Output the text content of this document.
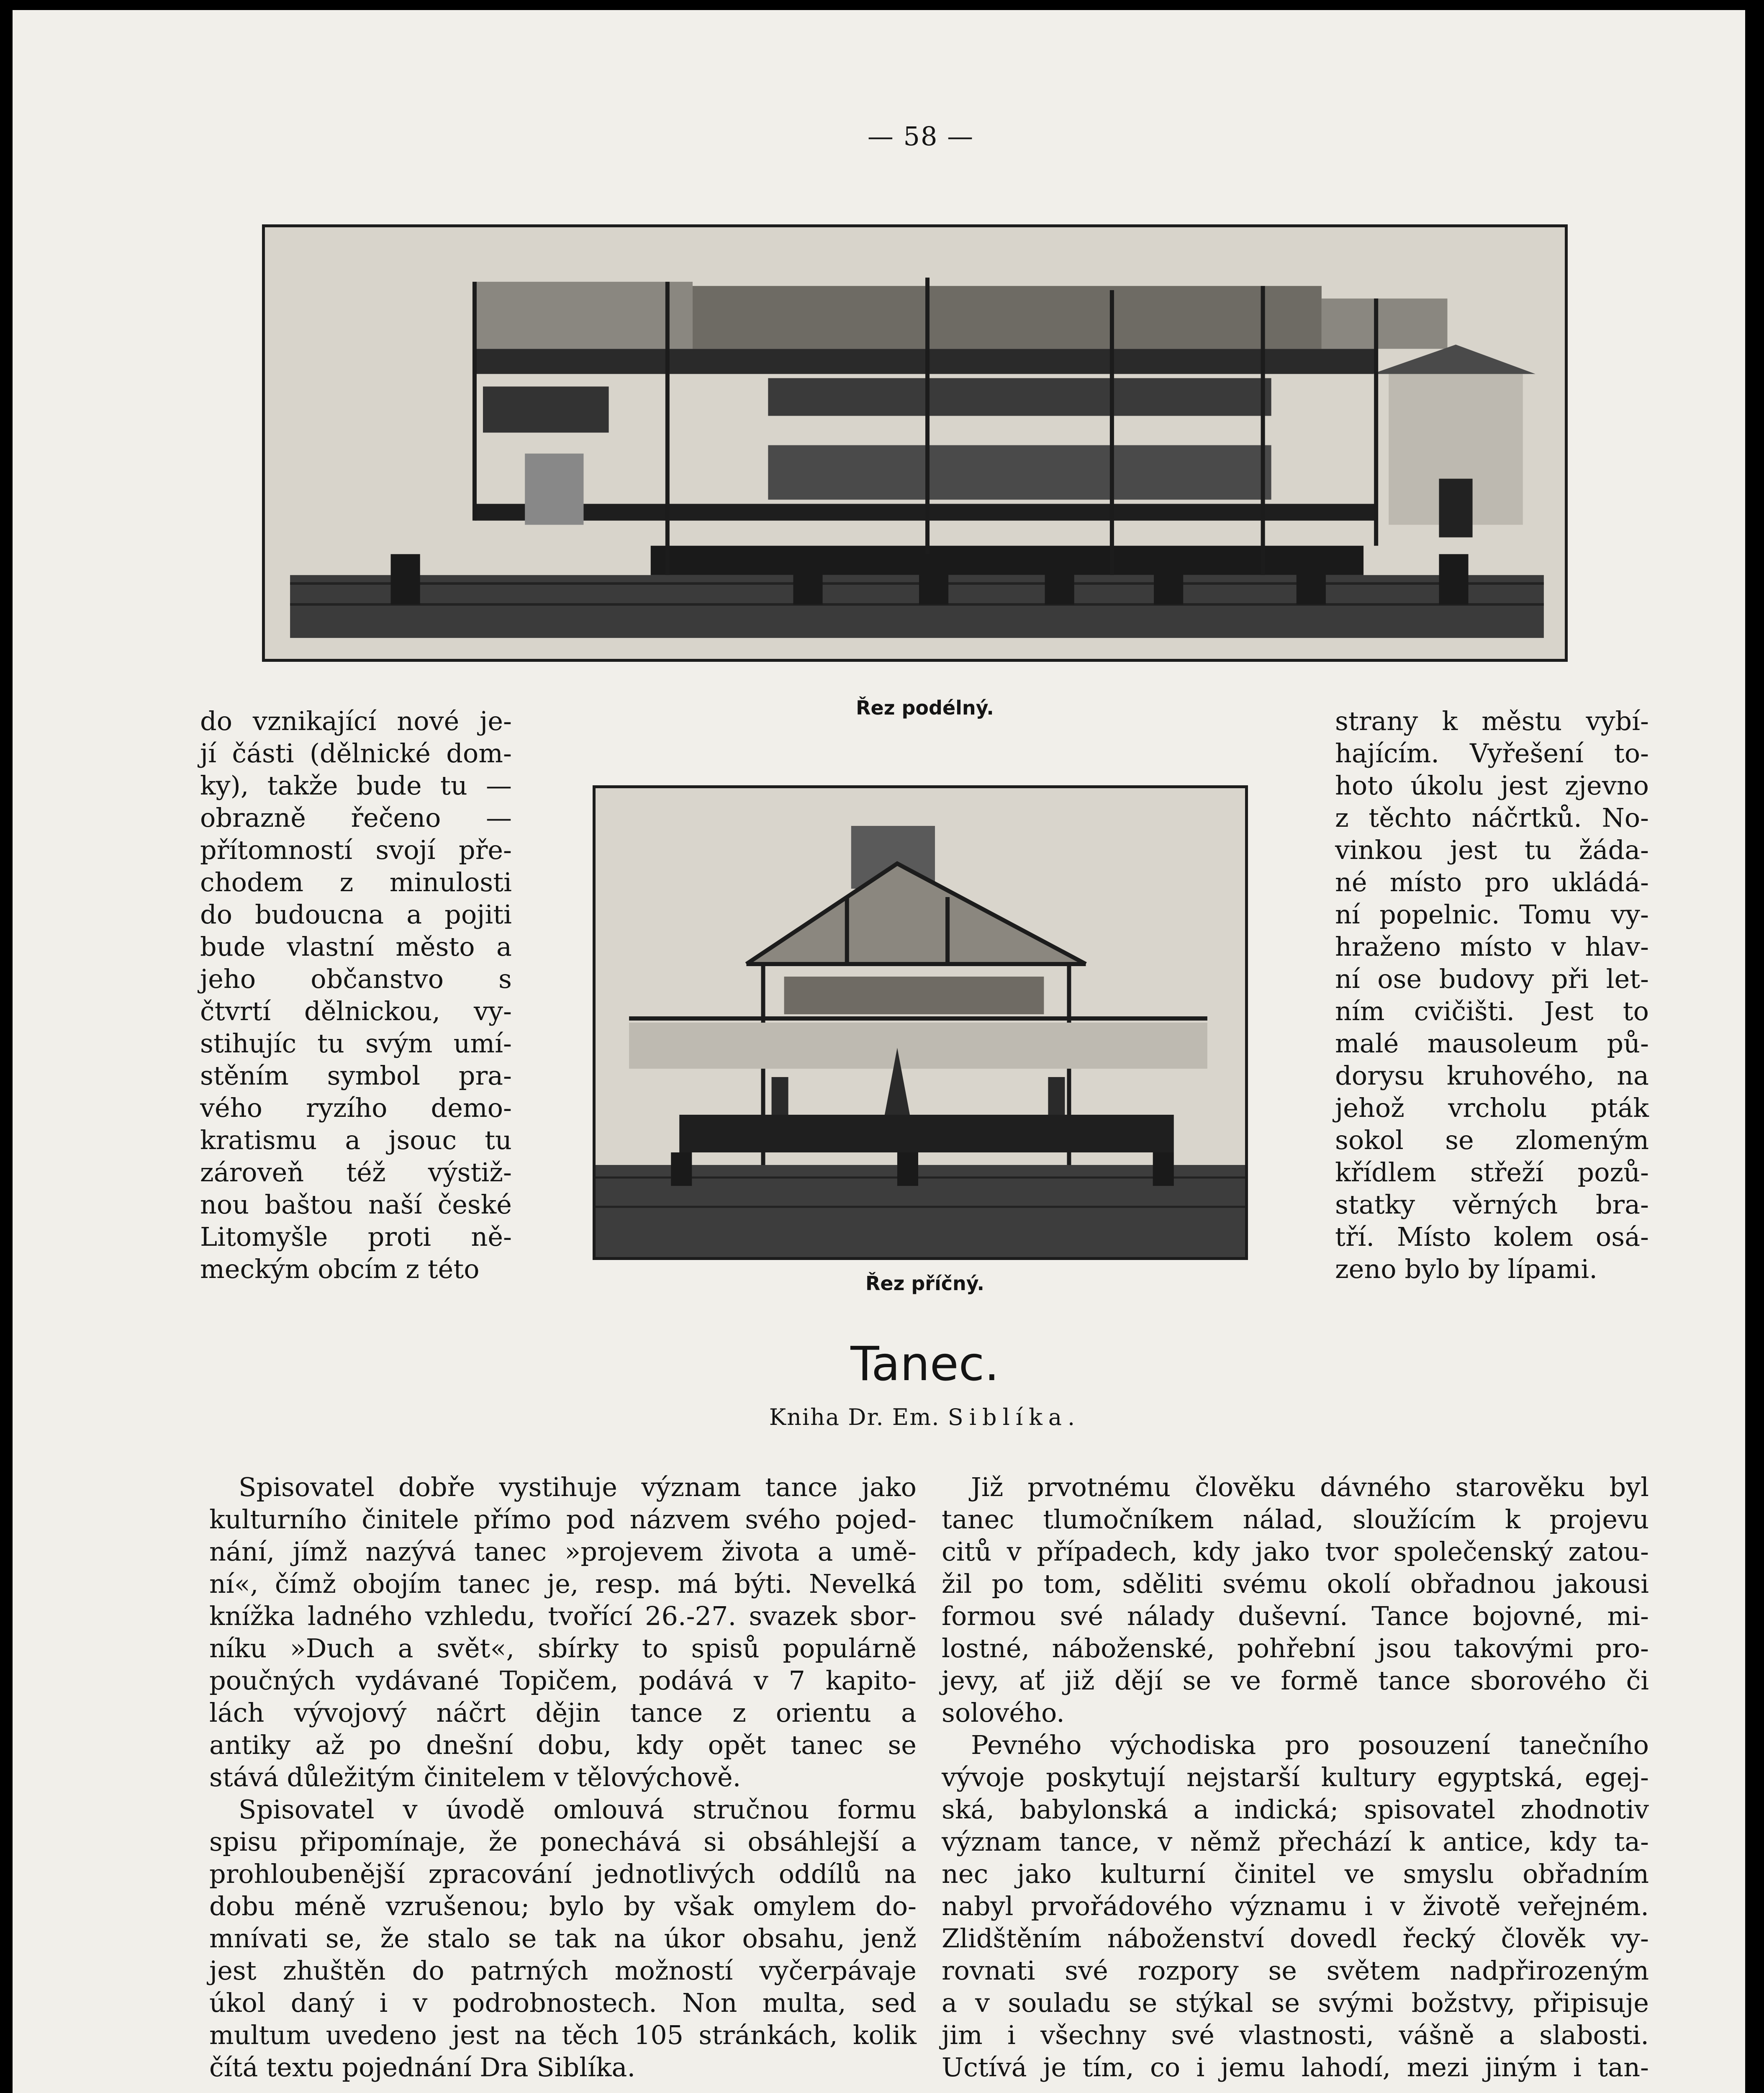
— 58 —
Řez podélný.
Řez příčný.
do vznikající nové je-
jí části (dělnické dom-
ky), takže bude tu —
obrazně řečeno —
přítomností svojí pře-
chodem z minulosti
do budoucna a pojiti
bude vlastní město a
jeho občanstvo s
čtvrtí dělnickou, vy-
stihujíc tu svým umí-
stěním symbol pra-
vého ryzího demo-
kratismu a jsouc tu
zároveň též výstiž-
nou baštou naší české
Litomyšle proti ně-
meckým obcím z této
strany k městu vybí-
hajícím. Vyřešení to-
hoto úkolu jest zjevno
z těchto náčrtků. No-
vinkou jest tu žáda-
né místo pro ukládá-
ní popelnic. Tomu vy-
hraženo místo v hlav-
ní ose budovy při let-
ním cvičišti. Jest to
malé mausoleum pů-
dorysu kruhového, na
jehož vrcholu pták
sokol se zlomeným
křídlem střeží pozů-
statky věrných bra-
tří. Místo kolem osá-
zeno bylo by lípami.
Tanec.
Kniha Dr. Em. Siblíka.
Spisovatel dobře vystihuje význam tance jako
kulturního činitele přímo pod názvem svého pojed-
nání, jímž nazývá tanec »projevem života a umě-
ní«, čímž obojím tanec je, resp. má býti. Nevelká
knížka ladného vzhledu, tvořící 26.-27. svazek sbor-
níku »Duch a svět«, sbírky to spisů populárně
poučných vydávané Topičem, podává v 7 kapito-
lách vývojový náčrt dějin tance z orientu a
antiky až po dnešní dobu, kdy opět tanec se
stává důležitým činitelem v tělovýchově.
Spisovatel v úvodě omlouvá stručnou formu
spisu připomínaje, že ponechává si obsáhlejší a
prohloubenější zpracování jednotlivých oddílů na
dobu méně vzrušenou; bylo by však omylem do-
mnívati se, že stalo se tak na úkor obsahu, jenž
jest zhuštěn do patrných možností vyčerpávaje
úkol daný i v podrobnostech. Non multa, sed
multum uvedeno jest na těch 105 stránkách, kolik
čítá textu pojednání Dra Siblíka.
Již prvotnému člověku dávného starověku byl
tanec tlumočníkem nálad, sloužícím k projevu
citů v případech, kdy jako tvor společenský zatou-
žil po tom, sděliti svému okolí obřadnou jakousi
formou své nálady duševní. Tance bojovné, mi-
lostné, náboženské, pohřební jsou takovými pro-
jevy, ať již dějí se ve formě tance sborového či
solového.
Pevného východiska pro posouzení tanečního
vývoje poskytují nejstarší kultury egyptská, egej-
ská, babylonská a indická; spisovatel zhodnotiv
význam tance, v němž přechází k antice, kdy ta-
nec jako kulturní činitel ve smyslu obřadním
nabyl prvořádového významu i v životě veřejném.
Zlidštěním náboženství dovedl řecký člověk vy-
rovnati své rozpory se světem nadpřirozeným
a v souladu se stýkal se svými božstvy, připisuje
jim i všechny své vlastnosti, vášně a slabosti.
Uctívá je tím, co i jemu lahodí, mezi jiným i tan-
